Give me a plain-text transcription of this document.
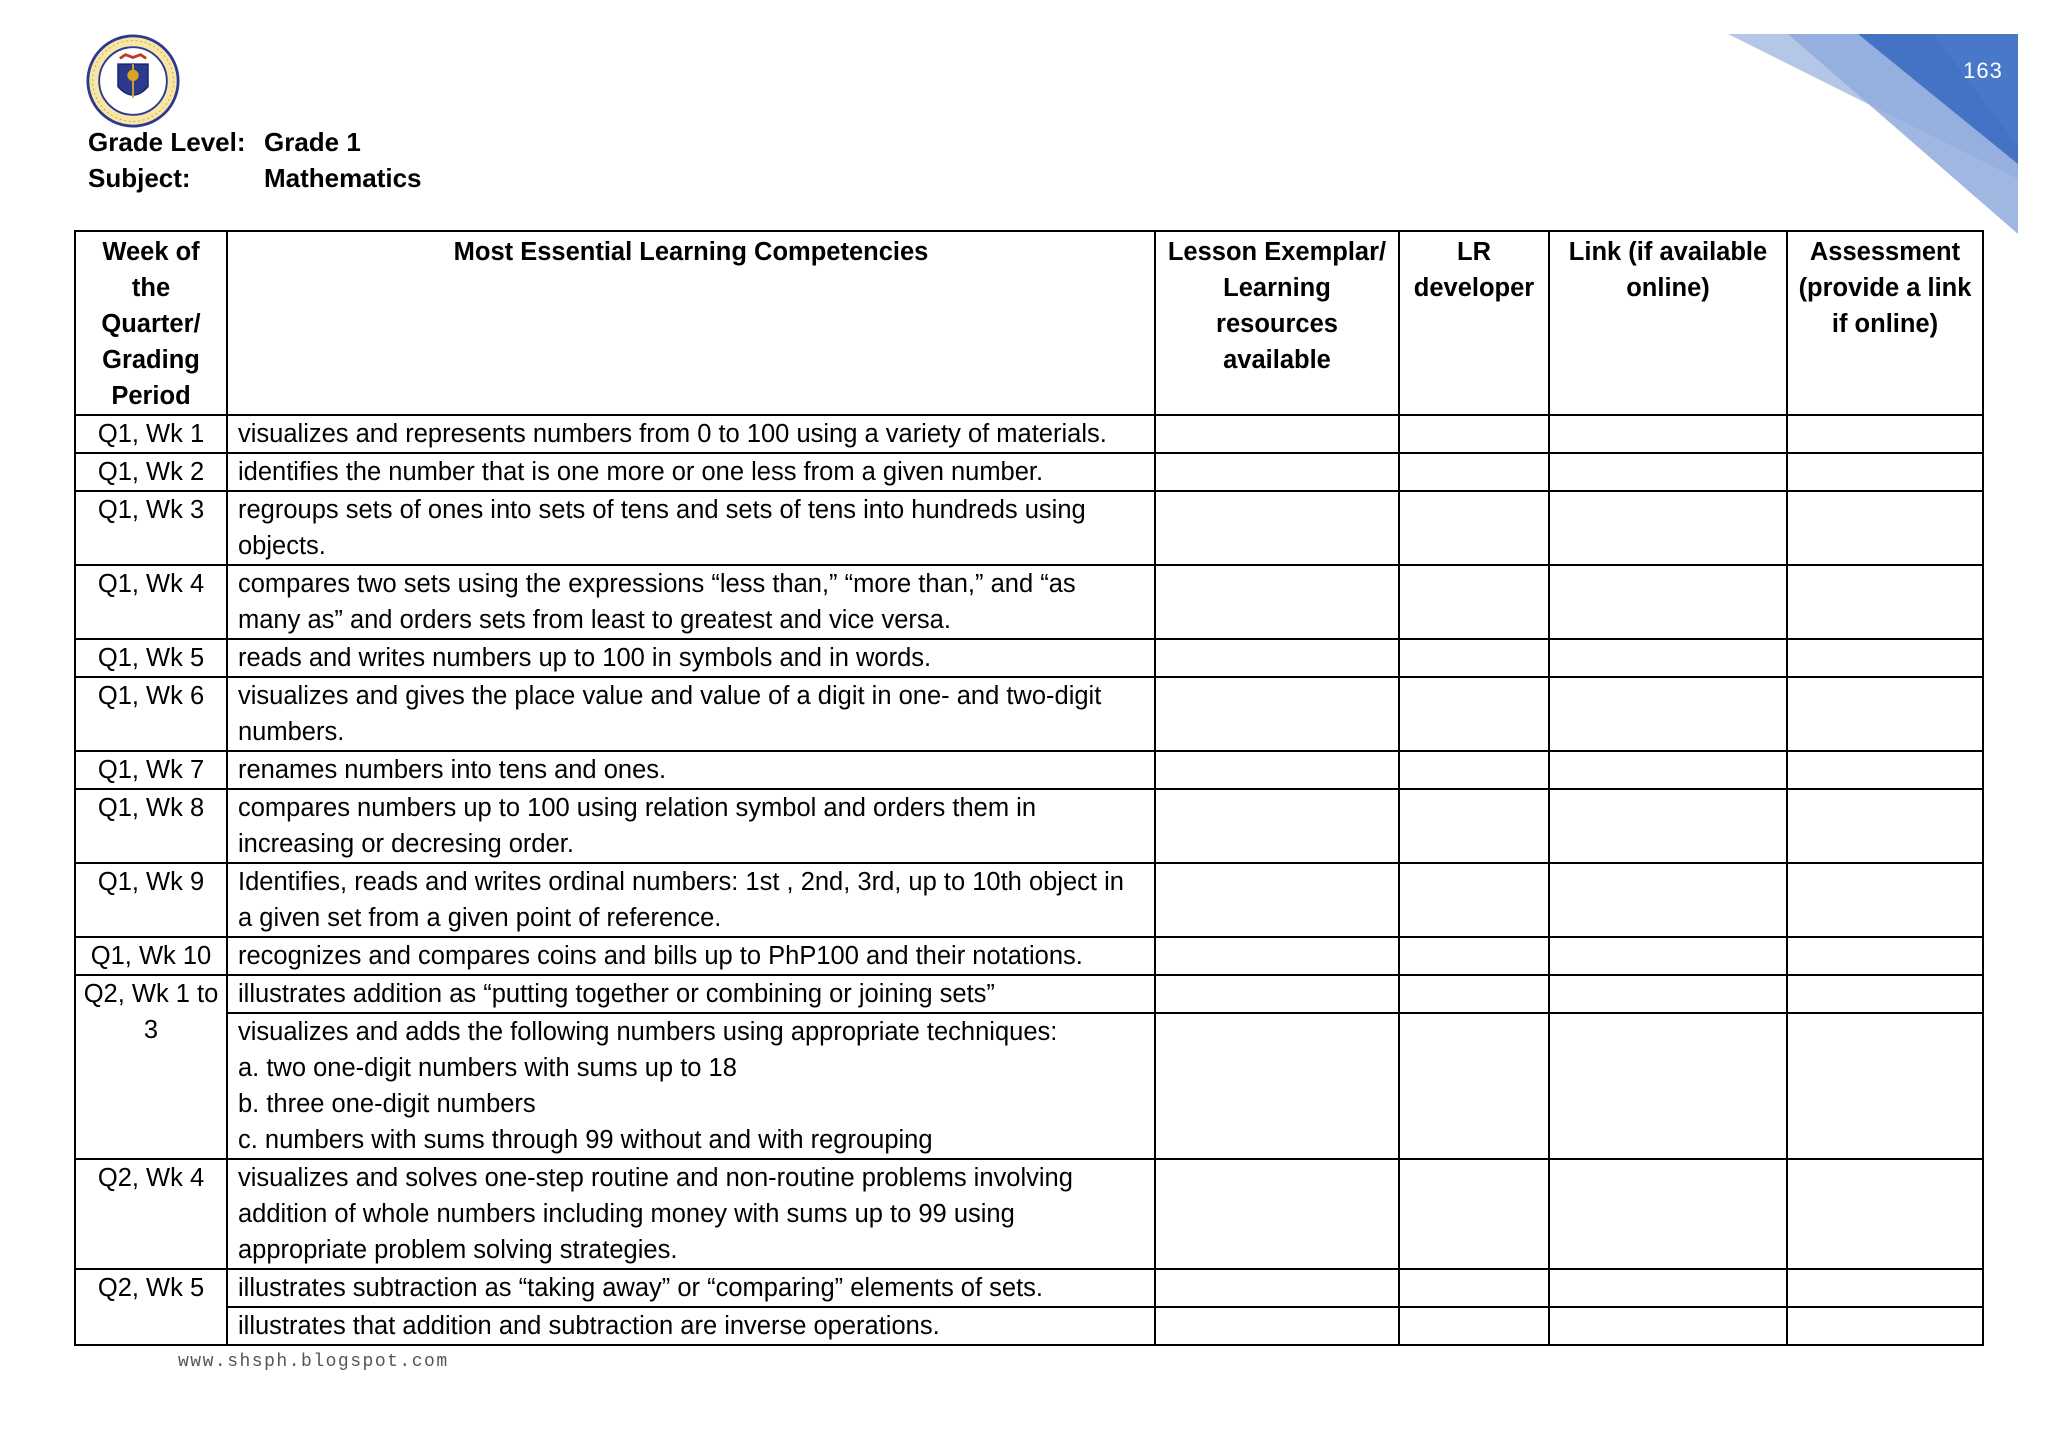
163
Grade Level: Grade 1
Subject:	Mathematics
Week of the Quarter/ Grading Period	Most Essential Learning Competencies	Lesson Exemplar/ Learning resources available	LR developer	Link (if available online)	Assessment (provide a link if online)
Q1, Wk 1	visualizes and represents numbers from 0 to 100 using a variety of materials.				
Q1, Wk 2	identifies the number that is one more or one less from a given number.				
Q1, Wk 3	regroups sets of ones into sets of tens and sets of tens into hundreds using objects.				
Q1, Wk 4	compares two sets using the expressions “less than,” “more than,” and “as many as” and orders sets from least to greatest and vice versa.				
Q1, Wk 5	reads and writes numbers up to 100 in symbols and in words.				
Q1, Wk 6	visualizes and gives the place value and value of a digit in one- and two-digit numbers.				
Q1, Wk 7	renames numbers into tens and ones.				
Q1, Wk 8	compares numbers up to 100 using relation symbol and orders them in increasing or decresing order.				
Q1, Wk 9	Identifies, reads and writes ordinal numbers: 1st , 2nd, 3rd, up to 10th object in a given set from a given point of reference.				
Q1, Wk 10	recognizes and compares coins and bills up to PhP100 and their notations.				
Q2, Wk 1 to 3	illustrates addition as “putting together or combining or joining sets”				

	visualizes and adds the following numbers using appropriate techniques:
a. two one-digit numbers with sums up to 18
b. three one-digit numbers
c. numbers with sums through 99 without and with regrouping				

Q2, Wk 4	visualizes and solves one-step routine and non-routine problems involving addition of whole numbers including money with sums up to 99 using appropriate problem solving strategies.				
Q2, Wk 5	illustrates subtraction as “taking away” or “comparing” elements of sets.				
	illustrates that addition and subtraction are inverse operations.				
www.shsph.blogspot.com
